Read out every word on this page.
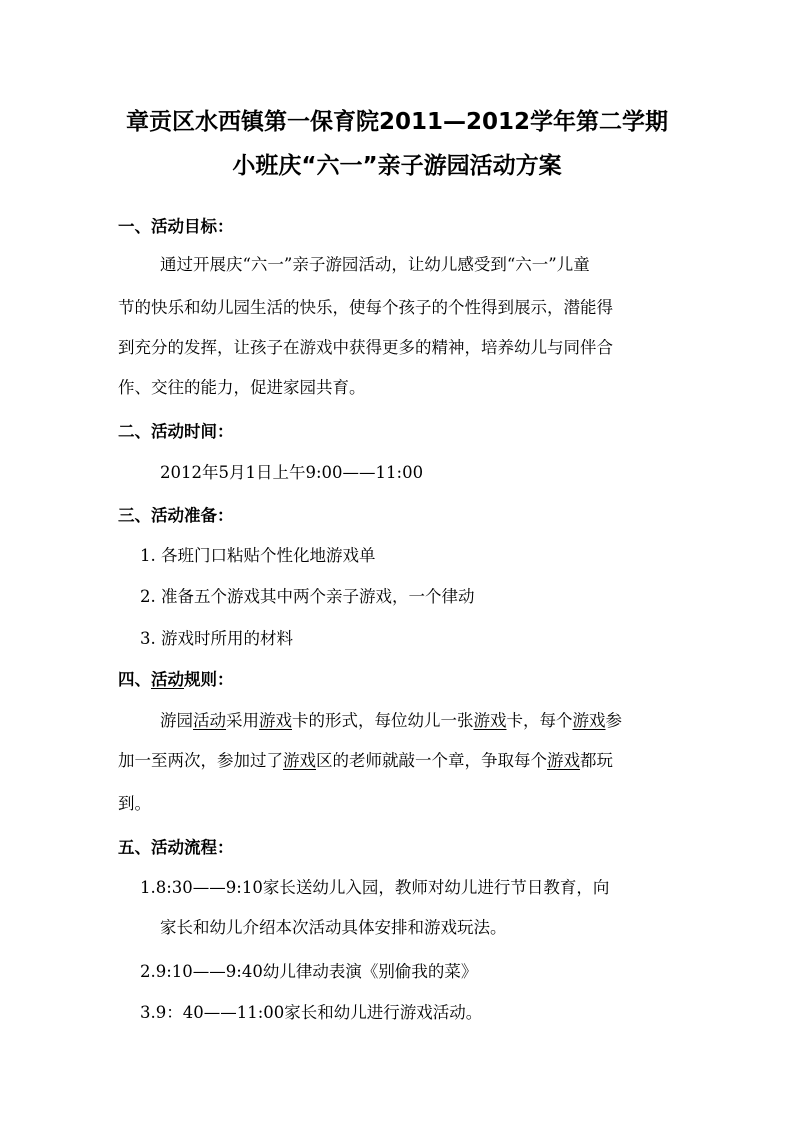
章贡区水西镇第一保育院2011—2012学年第二学期
小班庆“六一”亲子游园活动方案
一、活动目标：
通过开展庆“六一”亲子游园活动，让幼儿感受到“六一”儿童
节的快乐和幼儿园生活的快乐，使每个孩子的个性得到展示，潜能得
到充分的发挥，让孩子在游戏中获得更多的精神，培养幼儿与同伴合
作、交往的能力，促进家园共育。
二、活动时间：
2012年5月1日上午9:00——11:00
三、活动准备：
1. 各班门口粘贴个性化地游戏单
2. 准备五个游戏其中两个亲子游戏，一个律动
3. 游戏时所用的材料
四、活动规则：
游园活动采用游戏卡的形式，每位幼儿一张游戏卡，每个游戏参
加一至两次，参加过了游戏区的老师就敲一个章，争取每个游戏都玩
到。
五、活动流程：
1.8:30——9:10家长送幼儿入园，教师对幼儿进行节日教育，向
家长和幼儿介绍本次活动具体安排和游戏玩法。
2.9:10——9:40幼儿律动表演《别偷我的菜》
3.9：40——11:00家长和幼儿进行游戏活动。
